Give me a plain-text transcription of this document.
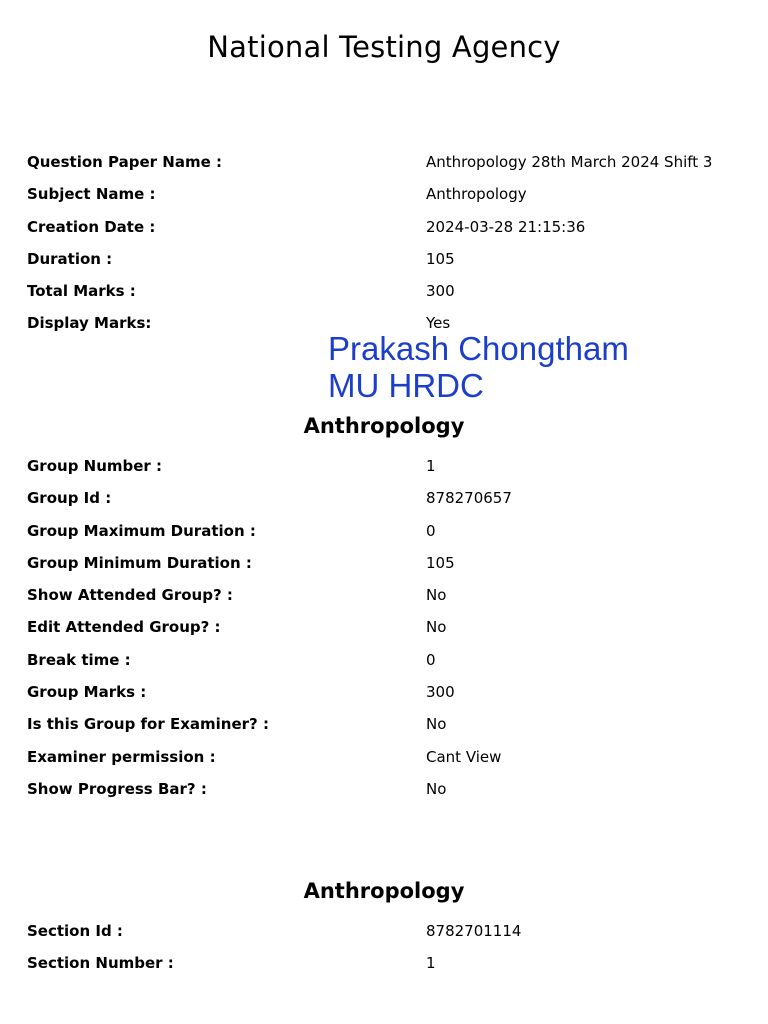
National Testing Agency
Question Paper Name :	Anthropology 28th March 2024 Shift 3
Subject Name :	Anthropology
Creation Date :	2024-03-28 21:15:36
Duration :	105
Total Marks :	300
Display Marks:	Yes
Prakash Chongtham
MU HRDC
Anthropology
Group Number :	1
Group Id :	878270657
Group Maximum Duration :	0
Group Minimum Duration :	105
Show Attended Group? :	No
Edit Attended Group? :	No
Break time :	0
Group Marks :	300
Is this Group for Examiner? :	No
Examiner permission :	Cant View
Show Progress Bar? :	No
Anthropology
Section Id :	8782701114
Section Number :	1
